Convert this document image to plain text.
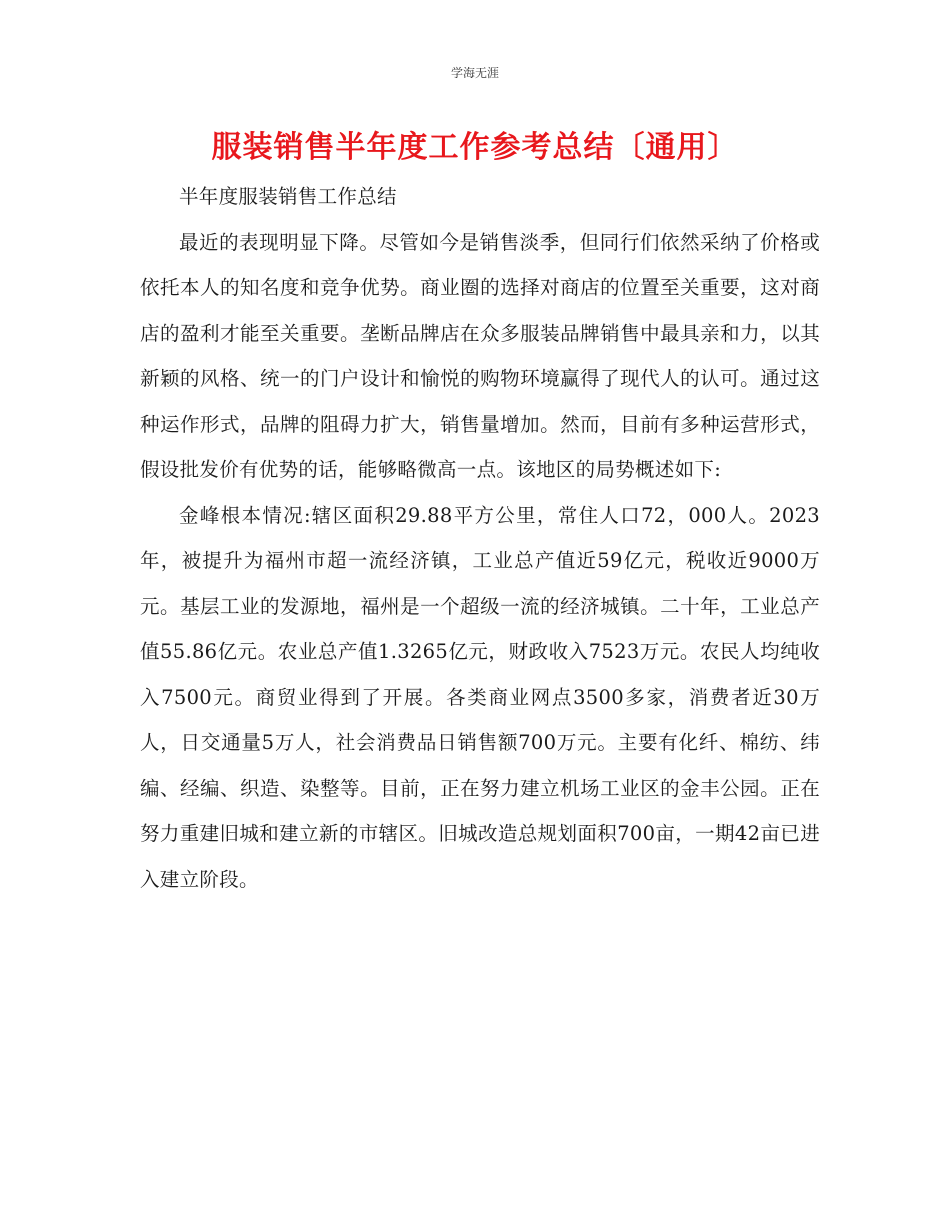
学海无涯
服装销售半年度工作参考总结〔通用〕

半年度服装销售工作总结

最近的表现明显下降。尽管如今是销售淡季，但同行们依然采纳了价格或依托本人的知名度和竞争优势。商业圈的选择对商店的位置至关重要，这对商店的盈利才能至关重要。垄断品牌店在众多服装品牌销售中最具亲和力，以其新颖的风格、统一的门户设计和愉悦的购物环境赢得了现代人的认可。通过这种运作形式，品牌的阻碍力扩大，销售量增加。然而，目前有多种运营形式，假设批发价有优势的话，能够略微高一点。该地区的局势概述如下:

金峰根本情况:辖区面积29.88平方公里，常住人口72，000人。2023年，被提升为福州市超一流经济镇，工业总产值近59亿元，税收近9000万元。基层工业的发源地，福州是一个超级一流的经济城镇。二十年，工业总产值55.86亿元。农业总产值1.3265亿元，财政收入7523万元。农民人均纯收入7500元。商贸业得到了开展。各类商业网点3500多家，消费者近30万人，日交通量5万人，社会消费品日销售额700万元。主要有化纤、棉纺、纬编、经编、织造、染整等。目前，正在努力建立机场工业区的金丰公园。正在努力重建旧城和建立新的市辖区。旧城改造总规划面积700亩，一期42亩已进入建立阶段。
